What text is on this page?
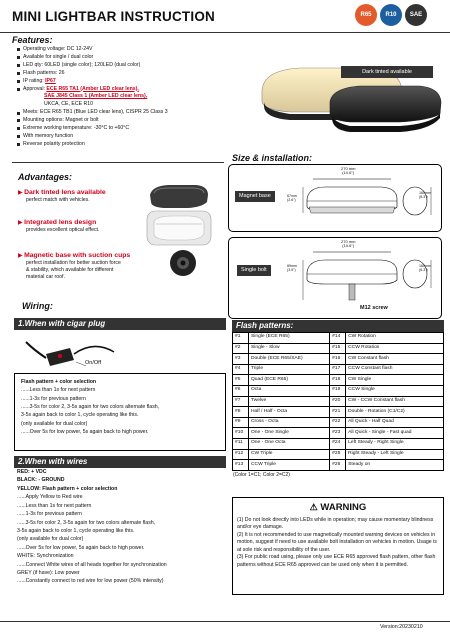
MINI LIGHTBAR INSTRUCTION	R65	R10	SAE
Features:
Operating voltage: DC 12-24V
Available for single / dual color
LED qty: 60LED (single color); 120LED (dual color)
Flash patterns: 26
IP rating: IP67
Approval: ECE R65 TA1 (Amber LED clear lens),
SAE J845 Class 1 (Amber LED clear lens),
UKCA, CE, ECE R10
Meets: ECE R65 TB1 (Blue LED clear lens), CISPR 25 Class 3
Mounting options: Magnet or bolt
Extreme working temperature: -30°C to +60°C
With memory function
Reverse polarity protection
Dark tinted available
Advantages:
▶ Dark tinted lens available
perfect match with vehicles.
▶ Integrated lens design
provides excellent optical effect.
▶ Magnetic base with suction cups
perfect installation for better suction force
& stability, which available for different
material car roof.
Size & installation:
Magnet base
270 mm
(10.6")
67mm
(2.6")
160mm
(6.3")
Single bolt
270 mm
(10.6")
89mm
(3.5")
160mm
(6.3")
M12 screw
Wiring:
1.When with cigar plug
On/Off
Flash pattern + color selection
......Less than 1s for next pattern
......1-3s for previous pattern
......3-5s for color 2, 3-5s again for two colors alternate flash,
3-5s again back to color 1, cycle operating like this.
(only available for dual color)
......Over 5s for low power, 5s again back to high power.
2.When with wires
RED: + VDC
BLACK: - GROUND
YELLOW: Flash pattern + color selection
......Apply Yellow to Red wire
......Less than 1s for next pattern
......1-3s for previous pattern
......3-5s for color 2, 3-5s again for two colors alternate flash,
3-5s again back to color 1, cycle operating like this.
(only available for dual color)
......Over 5s for low power, 5s again back to high power.
WHITE: Synchronization
......Connect White wires of all heads together for synchronization
GREY (if have): Low power
......Constantly connect to red wire for low power (50% intensity)
Flash patterns:
#1	Single (ECE R65)	#14	CW Rotation
#2	Single - Slow	#15	CCW Rotation
#3	Double (ECE R65/SAE)	#16	CW Constant flash
#4	Triple	#17	CCW Constant flash
#5	Quad (ECE R65)	#18	CW Single
#6	Octa	#19	CCW Single
#7	Twelve	#20	CW - CCW Constant flash
#8	Half / Half - Octa	#21	Double - Rotation (C1/C2)
#9	Cross - Octa	#22	All Quick - Half Quad
#10	One - One Single	#23	All Quick - Single - Fast quad
#11	One - One Octa	#24	Left Steady - Right Single
#12	CW Triple	#25	Right Steady - Left Single
#13	CCW Triple	#26	Steady on
(Color 1=C1; Color 2=C2)
⚠ WARNING
(1) Do not look directly into LEDs while in operation; may cause momentary blindness and/or eye damage.
(2) It is not recommended to use magnetically mounted warning devices on vehicles in motion, suggest if need to use available bolt installation on vehicles in motion. Usage is at sole risk and responsibility of the user.
(3) For public road using, please only use ECE R65 approved flash pattern, other flash patterns without ECE R65 approved can be used only when it is permitted.
Version:20230210
